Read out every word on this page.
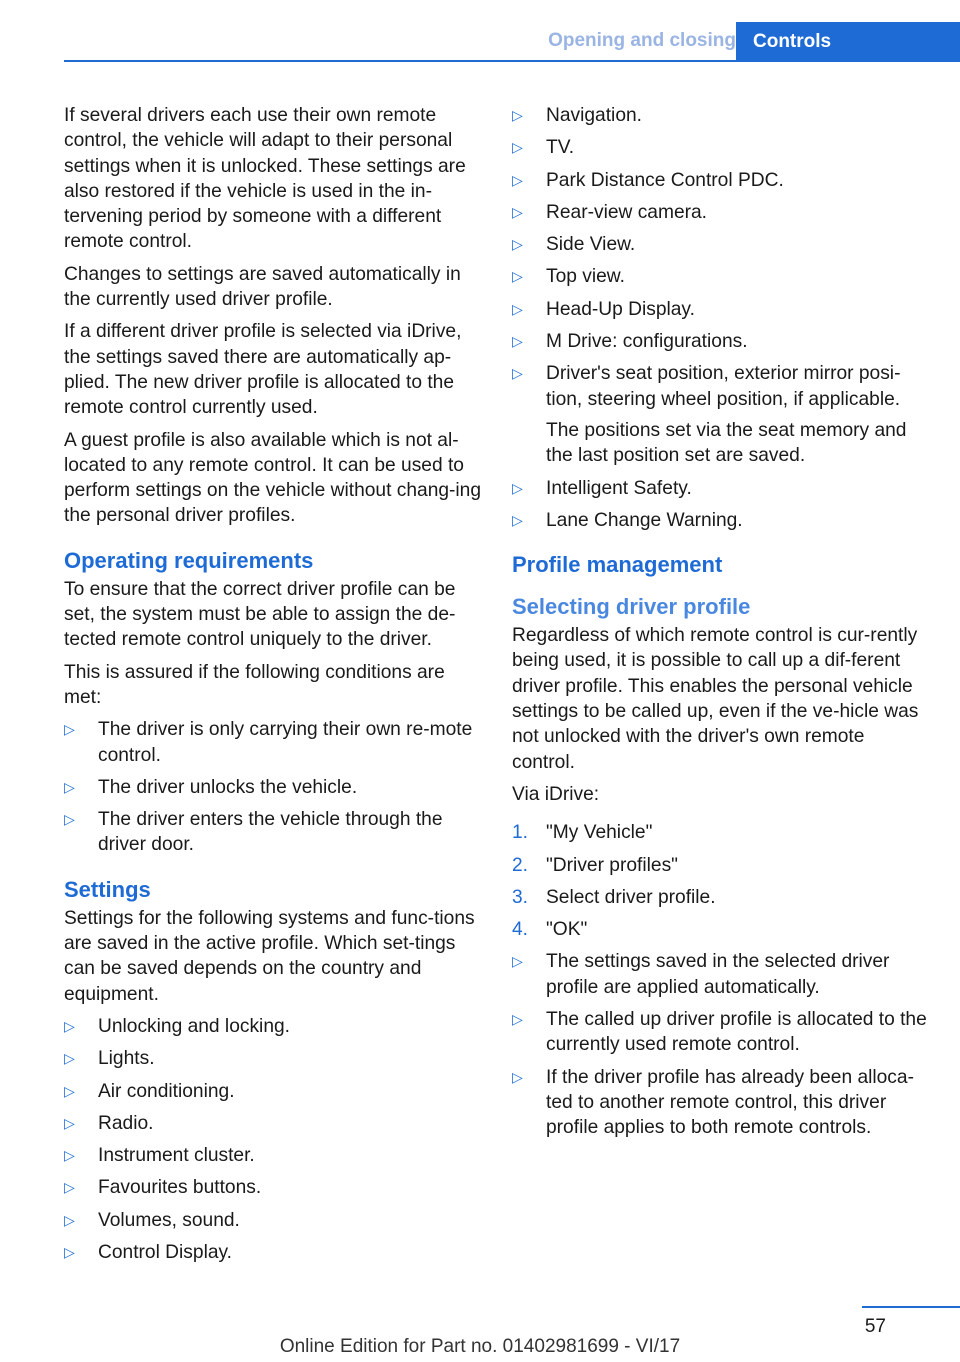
Opening and closing Controls

If several drivers each use their own remote control, the vehicle will adapt to their personal settings when it is unlocked. These settings are also restored if the vehicle is used in the in‐tervening period by someone with a different remote control.

Changes to settings are saved automatically in the currently used driver profile.

If a different driver profile is selected via iDrive, the settings saved there are automatically ap‐plied. The new driver profile is allocated to the remote control currently used.

A guest profile is also available which is not al‐located to any remote control. It can be used to perform settings on the vehicle without chang‐ing the personal driver profiles.

Operating requirements

To ensure that the correct driver profile can be set, the system must be able to assign the de‐tected remote control uniquely to the driver.

This is assured if the following conditions are met:

▷ The driver is only carrying their own re‐mote control.
▷ The driver unlocks the vehicle.
▷ The driver enters the vehicle through the driver door.
Settings

Settings for the following systems and func‐tions are saved in the active profile. Which set‐tings can be saved depends on the country and equipment.

▷ Unlocking and locking.
▷ Lights.
▷ Air conditioning.
▷ Radio.
▷ Instrument cluster.
▷ Favourites buttons.
▷ Volumes, sound.
▷ Control Display.
▷ Navigation.
▷ TV.
▷ Park Distance Control PDC.
▷ Rear-view camera.
▷ Side View.
▷ Top view.
▷ Head-Up Display.
▷ M Drive: configurations.
▷ Driver's seat position, exterior mirror posi‐tion, steering wheel position, if applicable.
The positions set via the seat memory and the last position set are saved.
▷ Intelligent Safety.
▷ Lane Change Warning.
Profile management
Selecting driver profile

Regardless of which remote control is cur‐rently being used, it is possible to call up a dif‐ferent driver profile. This enables the personal vehicle settings to be called up, even if the ve‐hicle was not unlocked with the driver's own remote control.

Via iDrive:

1. "My Vehicle"
2. "Driver profiles"
3. Select driver profile.
4. "OK"
▷ The settings saved in the selected driver profile are applied automatically.
▷ The called up driver profile is allocated to the currently used remote control.
▷ If the driver profile has already been alloca‐ted to another remote control, this driver profile applies to both remote controls.
57
Online Edition for Part no. 01402981699 - VI/17
